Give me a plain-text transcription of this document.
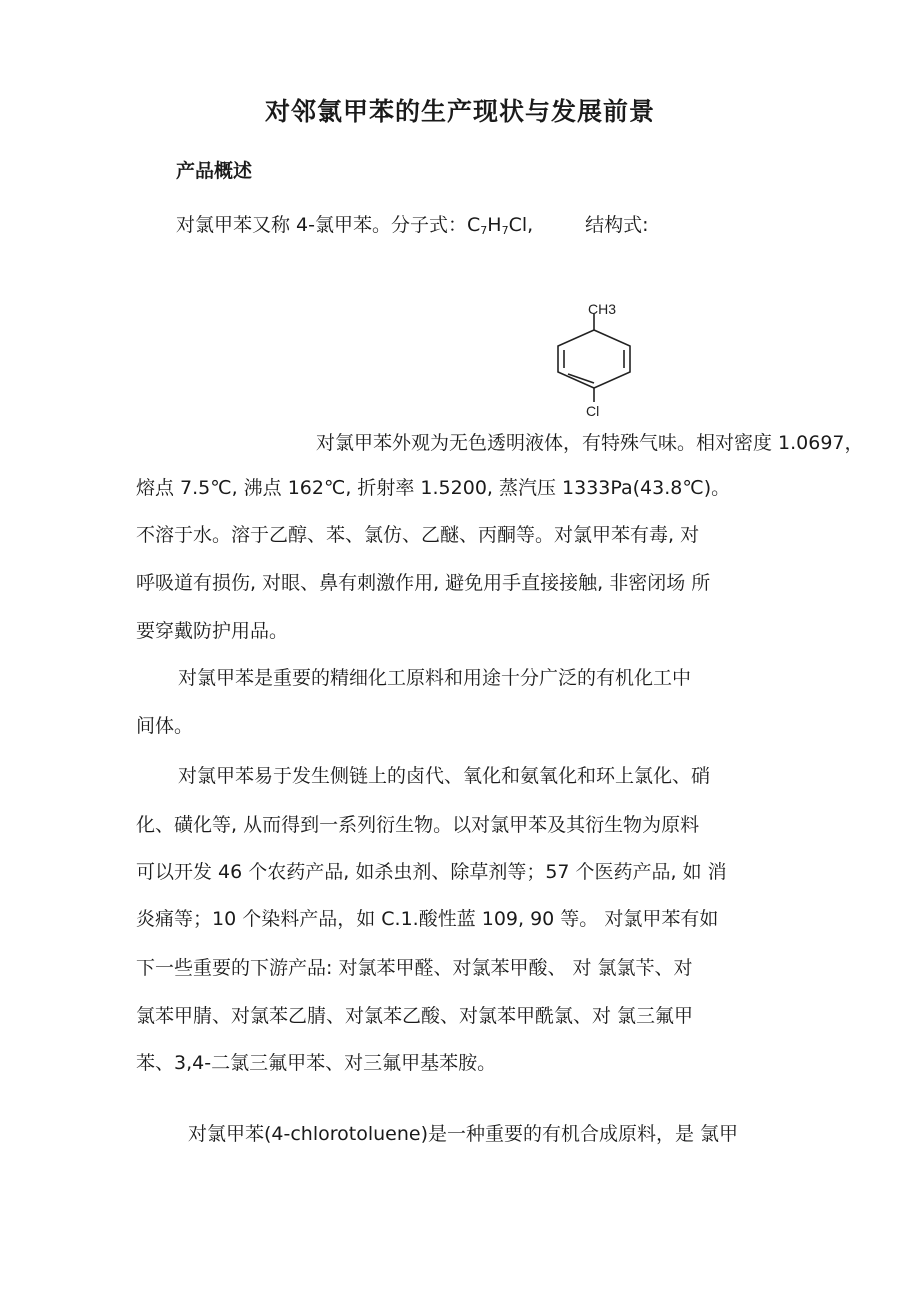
对邻氯甲苯的生产现状与发展前景
产品概述
对氯甲苯又称 4-氯甲苯。分子式：$C_7H_7Cl$,	结构式:
CH3
Cl
对氯甲苯外观为无色透明液体，有特殊气味。相对密度 1.0697，
熔点 7.5℃, 沸点 162℃, 折射率 1.5200, 蒸汽压 1333Pa(43.8℃)。
不溶于水。溶于乙醇、苯、氯仿、乙醚、丙酮等。对氯甲苯有毒, 对
呼吸道有损伤, 对眼、鼻有刺激作用, 避免用手直接接触, 非密闭场 所
要穿戴防护用品。
对氯甲苯是重要的精细化工原料和用途十分广泛的有机化工中
间体。
对氯甲苯易于发生侧链上的卤代、氧化和氨氧化和环上氯化、硝
化、磺化等, 从而得到一系列衍生物。以对氯甲苯及其衍生物为原料
可以开发 46 个农药产品, 如杀虫剂、除草剂等；57 个医药产品, 如 消
炎痛等；10 个染料产品，如 C.1.酸性蓝 109, 90 等。 对氯甲苯有如
下一些重要的下游产品: 对氯苯甲醛、对氯苯甲酸、 对 氯氯苄、对
氯苯甲腈、对氯苯乙腈、对氯苯乙酸、对氯苯甲酰氯、对 氯三氟甲
苯、3,4-二氯三氟甲苯、对三氟甲基苯胺。
对氯甲苯(4-chlorotoluene)是一种重要的有机合成原料，是 氯甲
